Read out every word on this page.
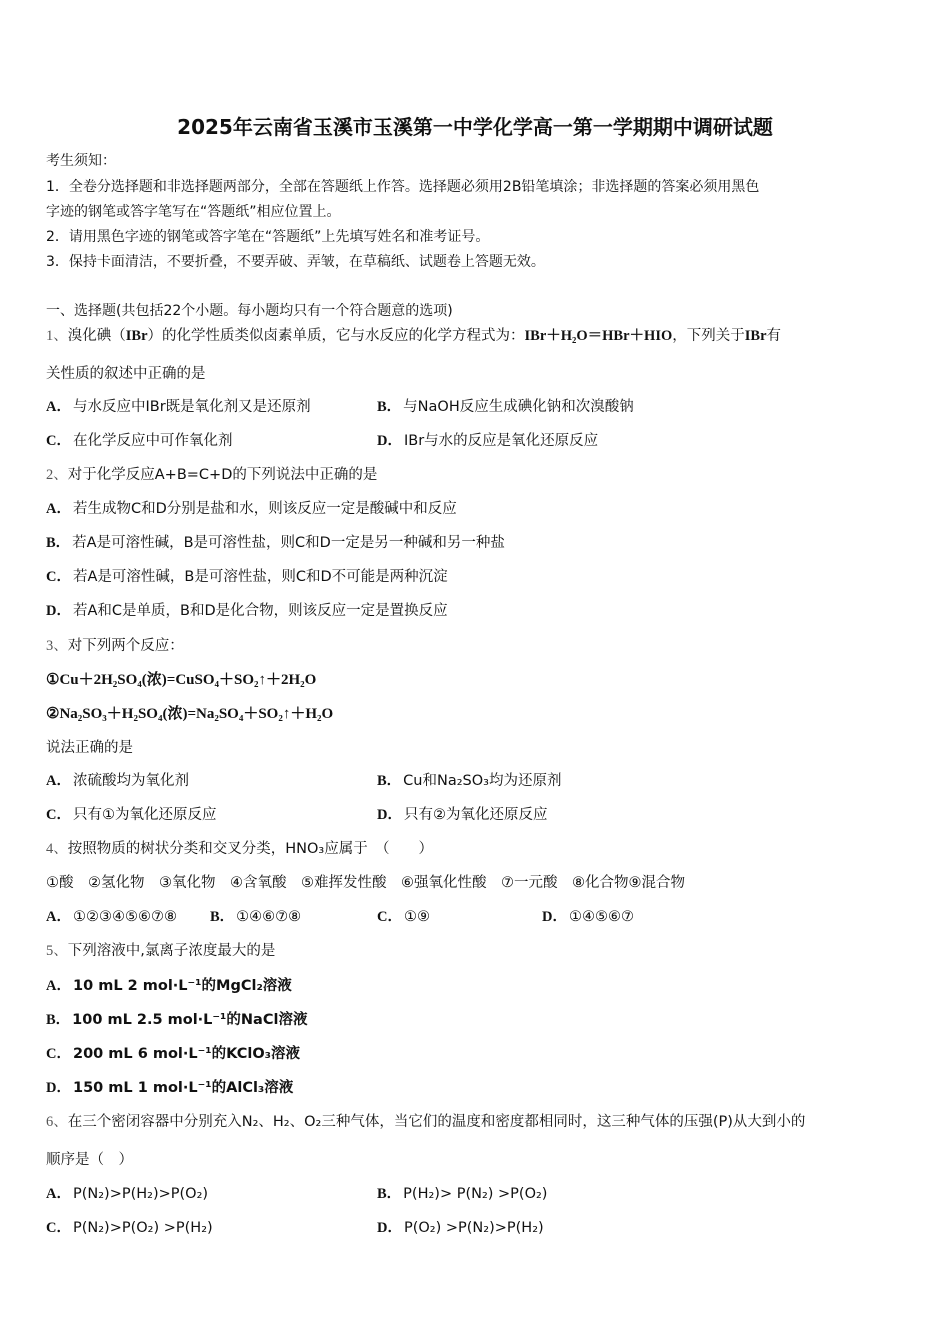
2025年云南省玉溪市玉溪第一中学化学高一第一学期期中调研试题
考生须知：
1．全卷分选择题和非选择题两部分，全部在答题纸上作答。选择题必须用2B铅笔填涂；非选择题的答案必须用黑色
字迹的钢笔或答字笔写在“答题纸”相应位置上。
2．请用黑色字迹的钢笔或答字笔在“答题纸”上先填写姓名和准考证号。
3．保持卡面清洁，不要折叠，不要弄破、弄皱，在草稿纸、试题卷上答题无效。
一、选择题(共包括22个小题。每小题均只有一个符合题意的选项)
1、溴化碘（IBr）的化学性质类似卤素单质，它与水反应的化学方程式为：IBr＋H₂O＝HBr＋HIO，下列关于IBr有
关性质的叙述中正确的是
A． 与水反应中IBr既是氧化剂又是还原剂	B． 与NaOH反应生成碘化钠和次溴酸钠
C． 在化学反应中可作氧化剂	D． IBr与水的反应是氧化还原反应
2、对于化学反应A+B=C+D的下列说法中正确的是
A． 若生成物C和D分别是盐和水，则该反应一定是酸碱中和反应
B． 若A是可溶性碱，B是可溶性盐，则C和D一定是另一种碱和另一种盐
C． 若A是可溶性碱，B是可溶性盐，则C和D不可能是两种沉淀
D． 若A和C是单质，B和D是化合物，则该反应一定是置换反应
3、对下列两个反应：
①Cu＋2H₂SO₄(浓)=CuSO₄＋SO₂↑＋2H₂O
②Na₂SO₃＋H₂SO₄(浓)=Na₂SO₄＋SO₂↑＋H₂O
说法正确的是
A． 浓硫酸均为氧化剂	B． Cu和Na₂SO₃均为还原剂
C． 只有①为氧化还原反应	D． 只有②为氧化还原反应
4、按照物质的树状分类和交叉分类，HNO₃应属于　（　　）
①酸　②氢化物　③氧化物　④含氧酸　⑤难挥发性酸　⑥强氧化性酸　⑦一元酸　⑧化合物⑨混合物
A． ①②③④⑤⑥⑦⑧ B． ①④⑥⑦⑧	C． ①⑨	D． ①④⑤⑥⑦
5、下列溶液中,氯离子浓度最大的是
A． 10 mL 2 mol·L⁻¹的MgCl₂溶液
B． 100 mL 2.5 mol·L⁻¹的NaCl溶液
C． 200 mL 6 mol·L⁻¹的KClO₃溶液
D． 150 mL 1 mol·L⁻¹的AlCl₃溶液
6、在三个密闭容器中分别充入N₂、H₂、O₂三种气体，当它们的温度和密度都相同时，这三种气体的压强(P)从大到小的
顺序是（　）
A． P(N₂)>P(H₂)>P(O₂)	B． P(H₂)> P(N₂) >P(O₂)
C． P(N₂)>P(O₂) >P(H₂)	D． P(O₂) >P(N₂)>P(H₂)
